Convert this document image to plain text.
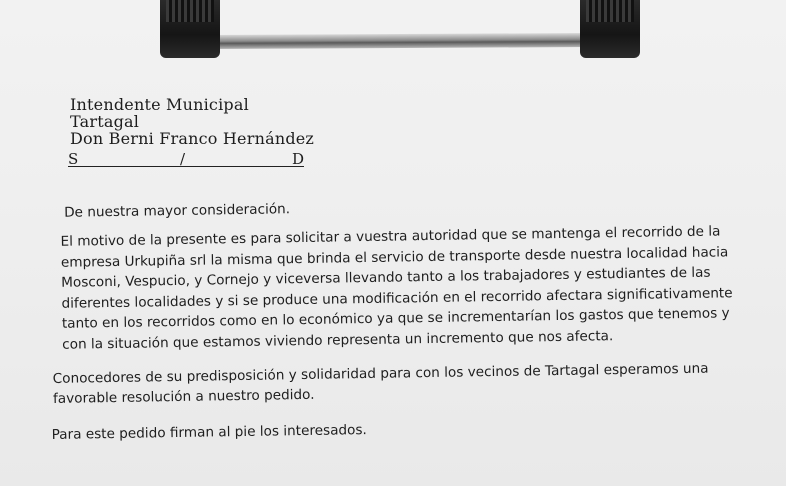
Intendente Municipal
Tartagal
Don Berni Franco Hernández
S	/	D
De nuestra mayor consideración.
El motivo de la presente es para solicitar a vuestra autoridad que se mantenga el recorrido de la empresa Urkupiña srl la misma que brinda el servicio de transporte desde nuestra localidad hacia Mosconi, Vespucio, y Cornejo y viceversa llevando tanto a los trabajadores y estudiantes de las diferentes localidades y si se produce una modificación en el recorrido afectara significativamente tanto en los recorridos como en lo económico ya que se incrementarían los gastos que tenemos y con la situación que estamos viviendo representa un incremento que nos afecta.
Conocedores de su predisposición y solidaridad para con los vecinos de Tartagal esperamos una favorable resolución a nuestro pedido.
Para este pedido firman al pie los interesados.
